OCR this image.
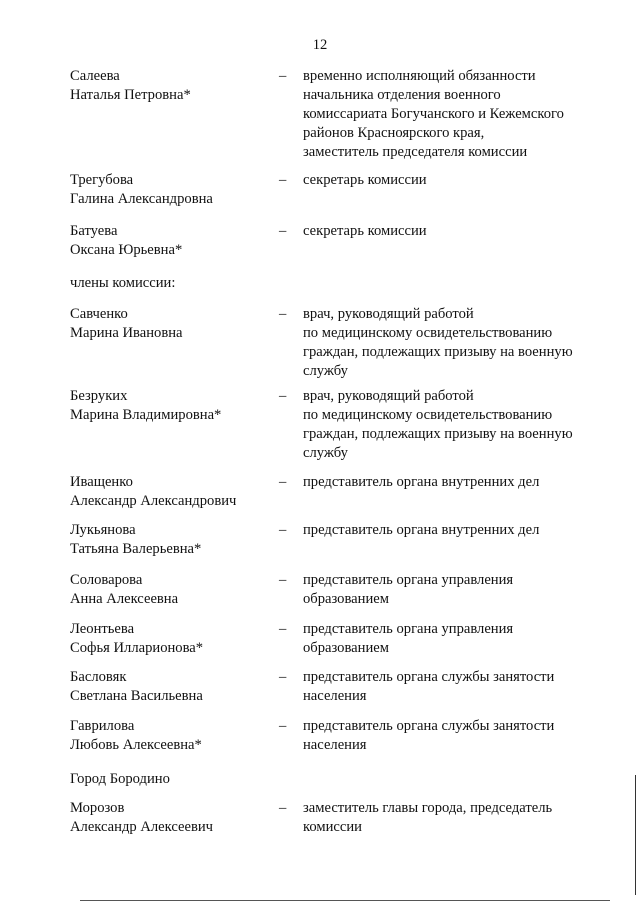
12
Салеева
Наталья Петровна*
– временно исполняющий обязанности
начальника отделения военного
комиссариата Богучанского и Кежемского
районов Красноярского края,
заместитель председателя комиссии
Трегубова
Галина Александровна
– секретарь комиссии
Батуева
Оксана Юрьевна*
– секретарь комиссии
члены комиссии:
Савченко
Марина Ивановна
– врач, руководящий работой
по медицинскому освидетельствованию
граждан, подлежащих призыву на военную
службу
Безруких
Марина Владимировна*
– врач, руководящий работой
по медицинскому освидетельствованию
граждан, подлежащих призыву на военную
службу
Иващенко
Александр Александрович
– представитель органа внутренних дел
Лукьянова
Татьяна Валерьевна*
– представитель органа внутренних дел
Соловарова
Анна Алексеевна
– представитель органа управления
образованием
Леонтьева
Софья Илларионова*
– представитель органа управления
образованием
Басловяк
Светлана Васильевна
– представитель органа службы занятости
населения
Гаврилова
Любовь Алексеевна*
– представитель органа службы занятости
населения
Город Бородино
Морозов
Александр Алексеевич
– заместитель главы города, председатель
комиссии
